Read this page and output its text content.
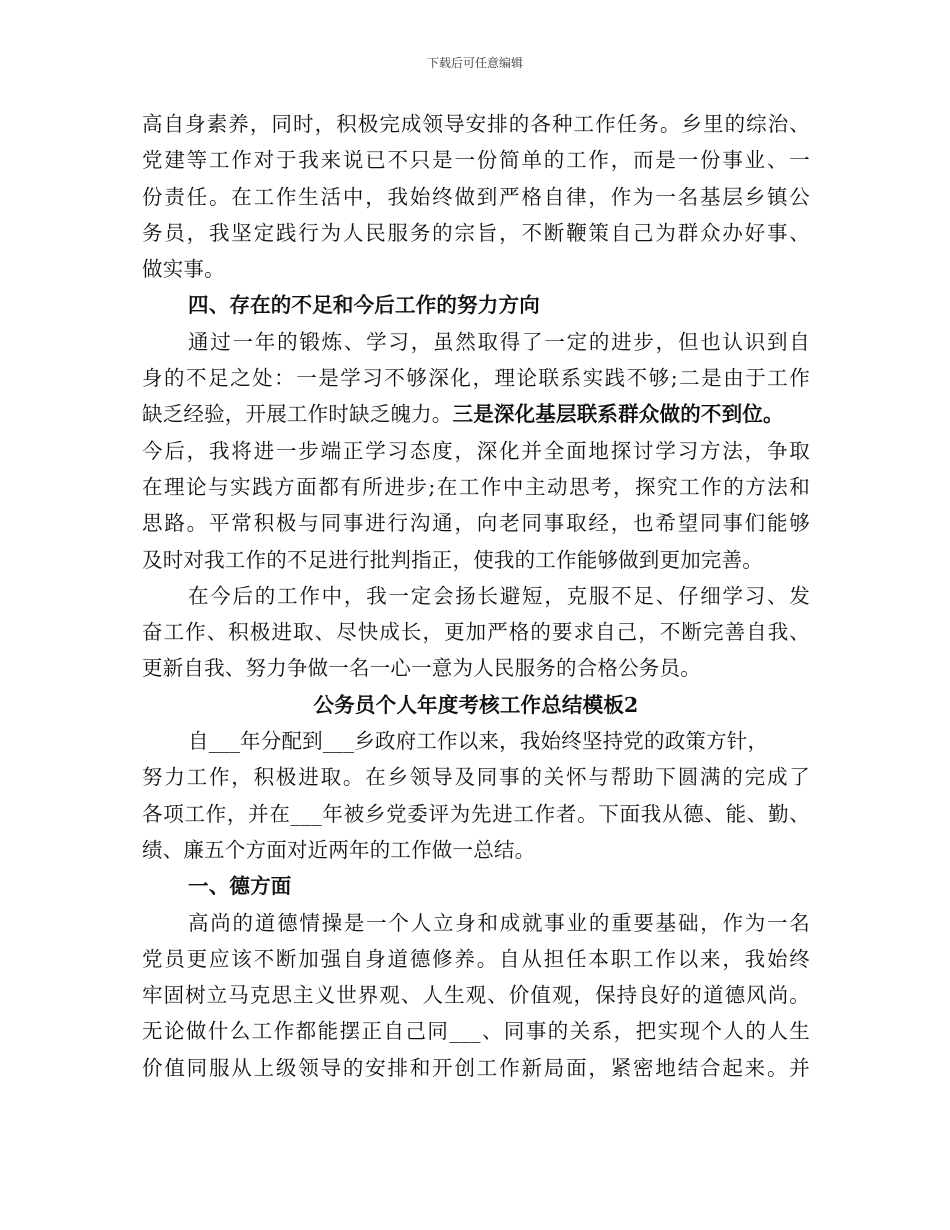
下载后可任意编辑
高自身素养，同时，积极完成领导安排的各种工作任务。乡里的综治、
党建等工作对于我来说已不只是一份简单的工作，而是一份事业、一
份责任。在工作生活中，我始终做到严格自律，作为一名基层乡镇公
务员，我坚定践行为人民服务的宗旨，不断鞭策自己为群众办好事、
做实事。
四、存在的不足和今后工作的努力方向
通过一年的锻炼、学习，虽然取得了一定的进步，但也认识到自
身的不足之处：一是学习不够深化，理论联系实践不够;二是由于工作
缺乏经验，开展工作时缺乏魄力。三是深化基层联系群众做的不到位。
今后，我将进一步端正学习态度，深化并全面地探讨学习方法，争取
在理论与实践方面都有所进步;在工作中主动思考，探究工作的方法和
思路。平常积极与同事进行沟通，向老同事取经，也希望同事们能够
及时对我工作的不足进行批判指正，使我的工作能够做到更加完善。
在今后的工作中，我一定会扬长避短，克服不足、仔细学习、发
奋工作、积极进取、尽快成长，更加严格的要求自己，不断完善自我、
更新自我、努力争做一名一心一意为人民服务的合格公务员。
公务员个人年度考核工作总结模板2
自___年分配到___乡政府工作以来，我始终坚持党的政策方针，
努力工作，积极进取。在乡领导及同事的关怀与帮助下圆满的完成了
各项工作，并在___年被乡党委评为先进工作者。下面我从德、能、勤、
绩、廉五个方面对近两年的工作做一总结。
一、德方面
高尚的道德情操是一个人立身和成就事业的重要基础，作为一名
党员更应该不断加强自身道德修养。自从担任本职工作以来，我始终
牢固树立马克思主义世界观、人生观、价值观，保持良好的道德风尚。
无论做什么工作都能摆正自己同___、同事的关系，把实现个人的人生
价值同服从上级领导的安排和开创工作新局面，紧密地结合起来。并
